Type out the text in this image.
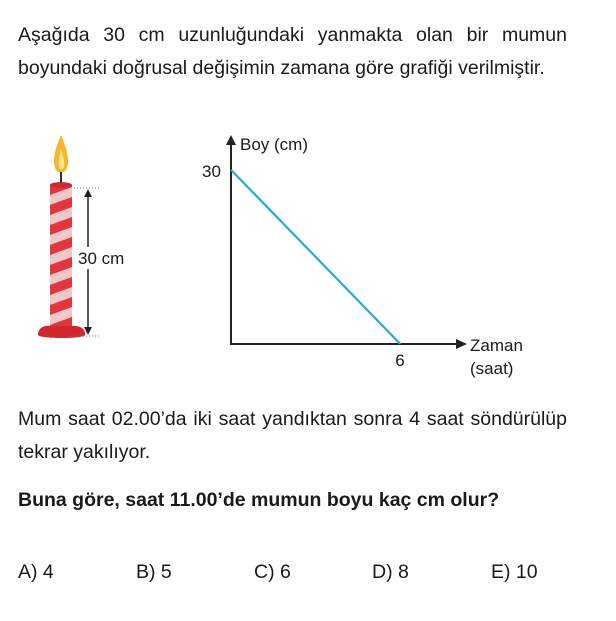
Aşağıda 30 cm uzunluğundaki yanmakta olan bir mumun boyundaki doğrusal değişimin zamana göre grafiği verilmiştir.

30 cm
Boy (cm)
Zaman
(saat)
30
6

Mum saat 02.00’da iki saat yandıktan sonra 4 saat söndürülüp tekrar yakılıyor.

Buna göre, saat 11.00’de mumun boyu kaç cm olur?

A) 4	B) 5	C) 6	D) 8	E) 10
